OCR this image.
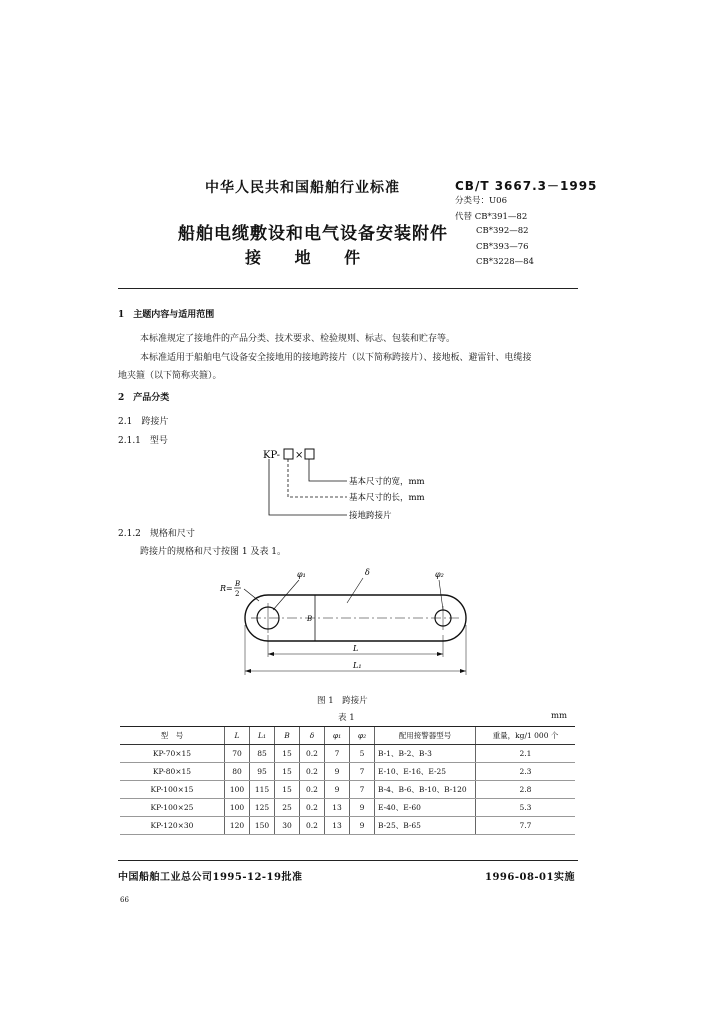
中华人民共和国船舶行业标准	CB/T 3667.3－1995
分类号：U06
代替 CB*391—82
CB*392—82
CB*393—76
CB*3228—84
船舶电缆敷设和电气设备安装附件
接 地 件
1　主题内容与适用范围
本标准规定了接地件的产品分类、技术要求、检验规则、标志、包装和贮存等。
本标准适用于船舶电气设备安全接地用的接地跨接片（以下简称跨接片）、接地板、避雷针、电缆接
地夹箍（以下简称夹箍）。
2　产品分类
2.1　跨接片
2.1.1　型号
KP- ×
基本尺寸的宽，mm
基本尺寸的长，mm
接地跨接片
2.1.2　规格和尺寸
跨接片的规格和尺寸按图 1 及表 1。
R= B
2
φ₁	φ₂
δ
B
L
L₁
图 1　跨接片
表 1	mm
型　号	L	L₁	B	δ	φ₁	φ₂	配用接警器型号	重量，kg/1 000 个
KP-70×15	70	85	15	0.2	7	5	B-1、B-2、B-3	2.1
KP-80×15	80	95	15	0.2	9	7	E-10、E-16、E-25	2.3
KP-100×15	100	115	15	0.2	9	7	B-4、B-6、B-10、B-120	2.8
KP-100×25	100	125	25	0.2	13	9	E-40、E-60	5.3
KP-120×30	120	150	30	0.2	13	9	B-25、B-65	7.7
中国船舶工业总公司1995-12-19批准	1996-08-01实施
66
